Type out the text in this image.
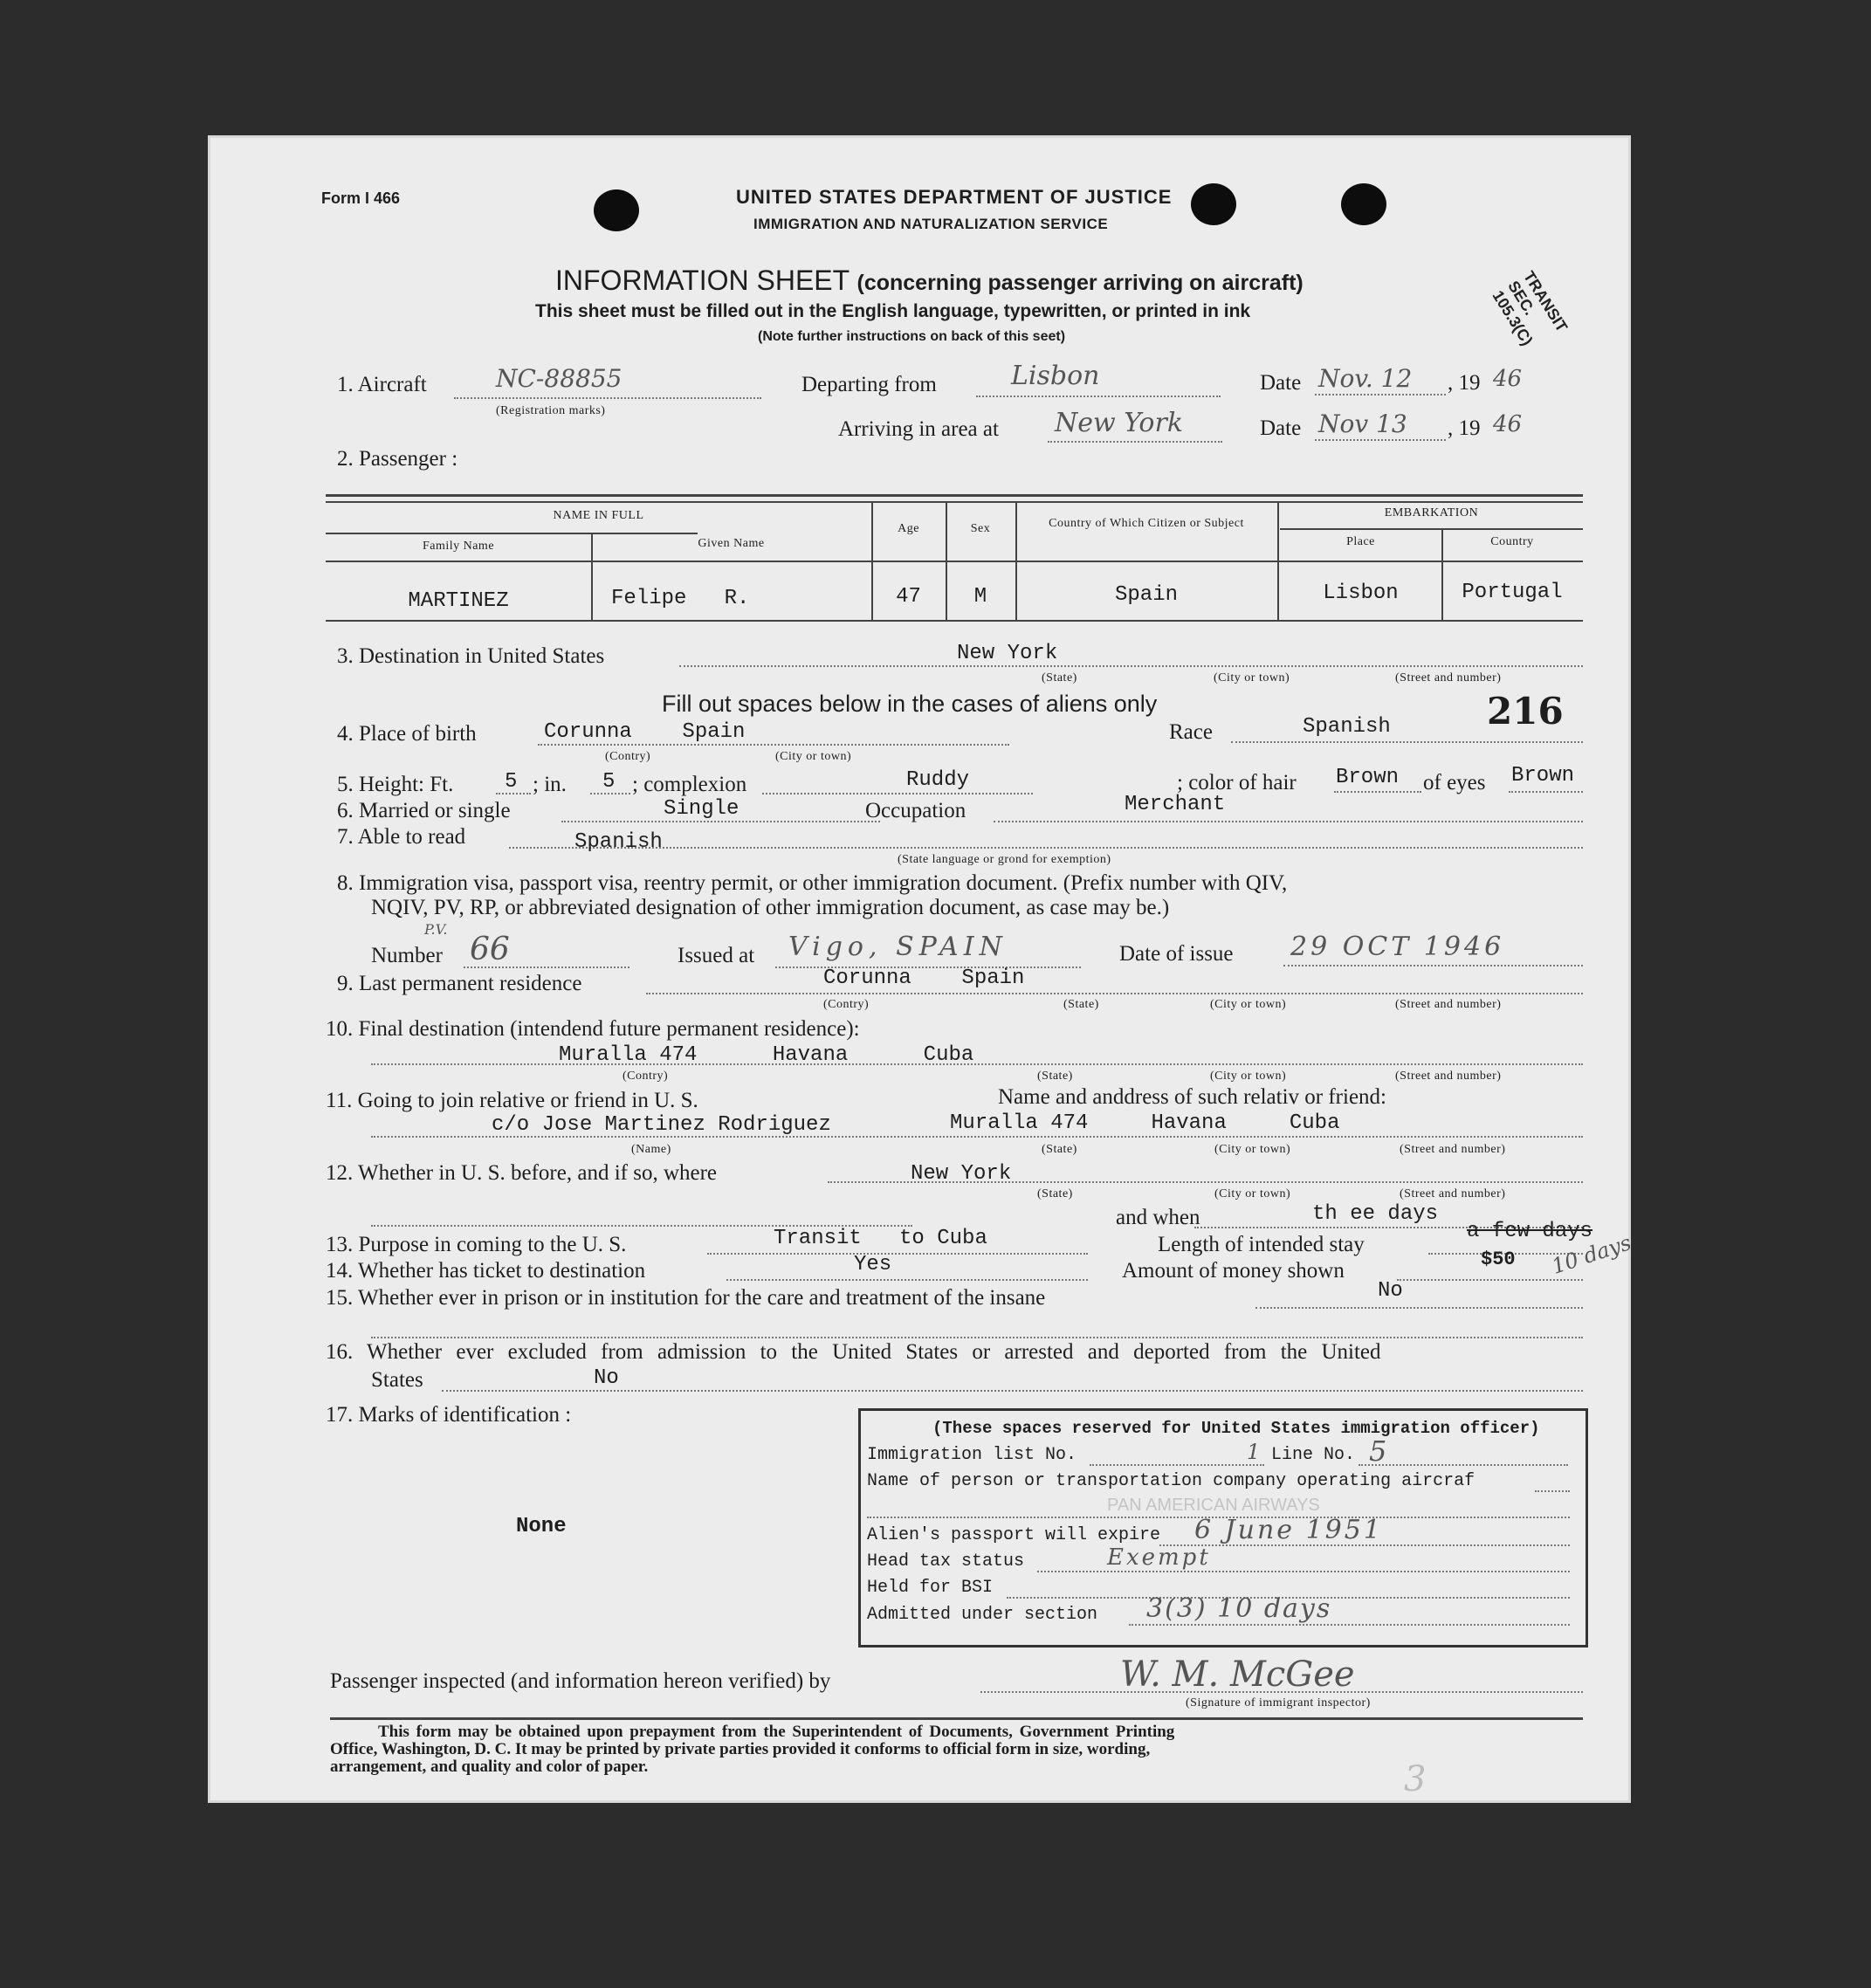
Form I 466	UNITED STATES DEPARTMENT OF JUSTICE
IMMIGRATION AND NATURALIZATION SERVICE
INFORMATION SHEET (concerning passenger arriving on aircraft)
This sheet must be filled out in the English language, typewritten, or printed in ink
(Note further instructions on back of this seet)
TRANSIT SEC. 105.3(C)
1. Aircraft	NC-88855
(Registration marks)
Departing from	Lisbon	Date Nov. 12 , 19 46
Arriving in area at New York	Date Nov 13 , 19 46
2. Passenger :
NAME IN FULL
Family Name	Given Name
Age	Sex	Country of Which Citizen or Subject
EMBARKATION
Place	Country
MARTINEZ	Felipe   R.	47	M	Spain	Lisbon	Portugal
3. Destination in United States	New York
(State)	(City or town)	(Street and number)
Fill out spaces below in the cases of aliens only
4. Place of birth	Corunna    Spain
(Contry)	(City or town)
Race	Spanish	216
5. Height: Ft. 5 ; in. 5 ; complexion	Ruddy	; color of hair Brown of eyes Brown
6. Married or single	Single	Occupation	Merchant
7. Able to read	Spanish
(State language or grond for exemption)
8. Immigration visa, passport visa, reentry permit, or other immigration document. (Prefix number with QIV,
NQIV, PV, RP, or abbreviated designation of other immigration document, as case may be.)
Number
P.V.
66	Issued at Vigo, SPAIN	Date of issue 29 OCT 1946
9. Last permanent residence	Corunna    Spain
(Contry)	(State)	(City or town)	(Street and number)
10. Final destination (intendend future permanent residence):
Muralla 474      Havana      Cuba
(Contry)	(State)	(City or town)	(Street and number)
11. Going to join relative or friend in U. S.	Name and anddress of such relativ or friend:
c/o Jose Martinez Rodriguez	Muralla 474     Havana     Cuba
(Name)	(State)	(City or town)	(Street and number)
12. Whether in U. S. before, and if so, where	New York
(State)	(City or town)	(Street and number)
and when	th ee days
13. Purpose in coming to the U. S.	Transit   to Cuba	Length of intended stay
a few days
10 days
14. Whether has ticket to destination	Yes	Amount of money shown	$50
15. Whether ever in prison or in institution for the care and treatment of the insane	No
16. Whether ever excluded from admission to the United States or arrested and deported from the United
States	No
17. Marks of identification :
None
(These spaces reserved for United States immigration officer)
Immigration list No.	1 Line No. 5
Name of person or transportation company operating aircraf
PAN AMERICAN AIRWAYS
Alien's passport will expire 6 June 1951
Head tax status	Exempt
Held for BSI
Admitted under section 3(3) 10 days
Passenger inspected (and information hereon verified) by	W. M. McGee
(Signature of immigrant inspector)
This form may be obtained upon prepayment from the Superintendent of Documents, Government Printing
Office, Washington, D. C. It may be printed by private parties provided it conforms to official form in size, wording,
arrangement, and quality and color of paper.	3
